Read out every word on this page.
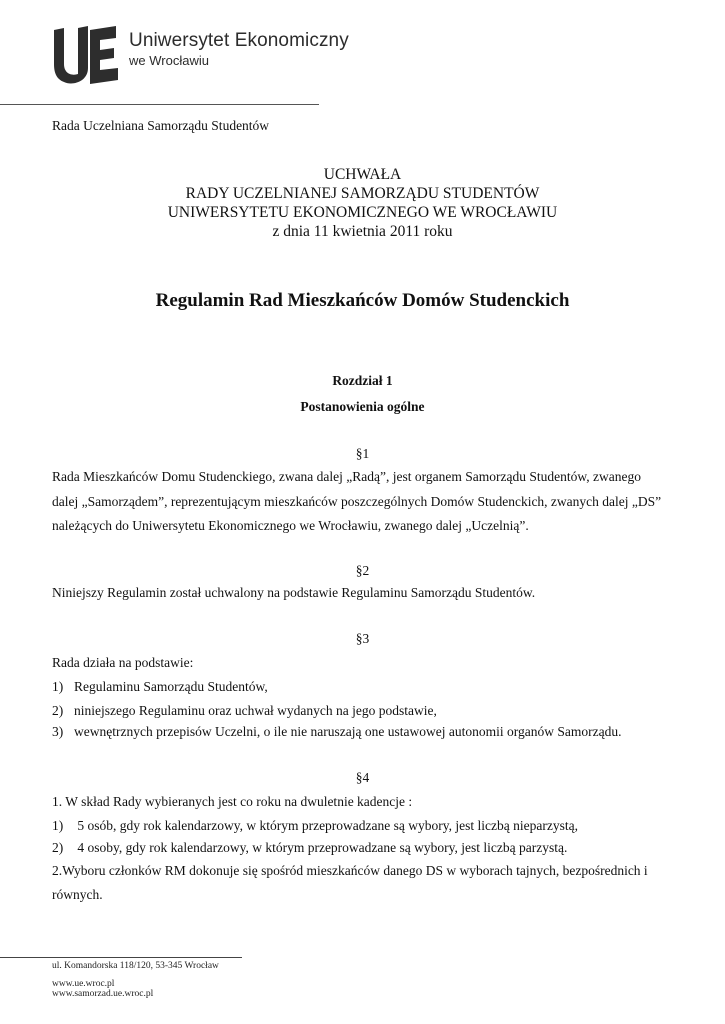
Uniwersytet Ekonomiczny
we Wrocławiu
Rada Uczelniana Samorządu Studentów
UCHWAŁA
RADY UCZELNIANEJ SAMORZĄDU STUDENTÓW
UNIWERSYTETU EKONOMICZNEGO WE WROCŁAWIU
z dnia 11 kwietnia 2011 roku
Regulamin Rad Mieszkańców Domów Studenckich
Rozdział 1
Postanowienia ogólne
§1
Rada Mieszkańców Domu Studenckiego, zwana dalej „Radą”, jest organem Samorządu Studentów, zwanego
dalej „Samorządem”, reprezentującym mieszkańców poszczególnych Domów Studenckich, zwanych dalej „DS”
należących do Uniwersytetu Ekonomicznego we Wrocławiu, zwanego dalej „Uczelnią”.
§2
Niniejszy Regulamin został uchwalony na podstawie Regulaminu Samorządu Studentów.
§3
Rada działa na podstawie:
1) Regulaminu Samorządu Studentów,
2) niniejszego Regulaminu oraz uchwał wydanych na jego podstawie,
3) wewnętrznych przepisów Uczelni, o ile nie naruszają one ustawowej autonomii organów Samorządu.
§4
1. W skład Rady wybieranych jest co roku na dwuletnie kadencje :
1) 5 osób, gdy rok kalendarzowy, w którym przeprowadzane są wybory, jest liczbą nieparzystą,
2) 4 osoby, gdy rok kalendarzowy, w którym przeprowadzane są wybory, jest liczbą parzystą.
2.Wyboru członków RM dokonuje się spośród mieszkańców danego DS w wyborach tajnych, bezpośrednich i
równych.
ul. Komandorska 118/120, 53-345 Wrocław
www.ue.wroc.pl
www.samorzad.ue.wroc.pl
